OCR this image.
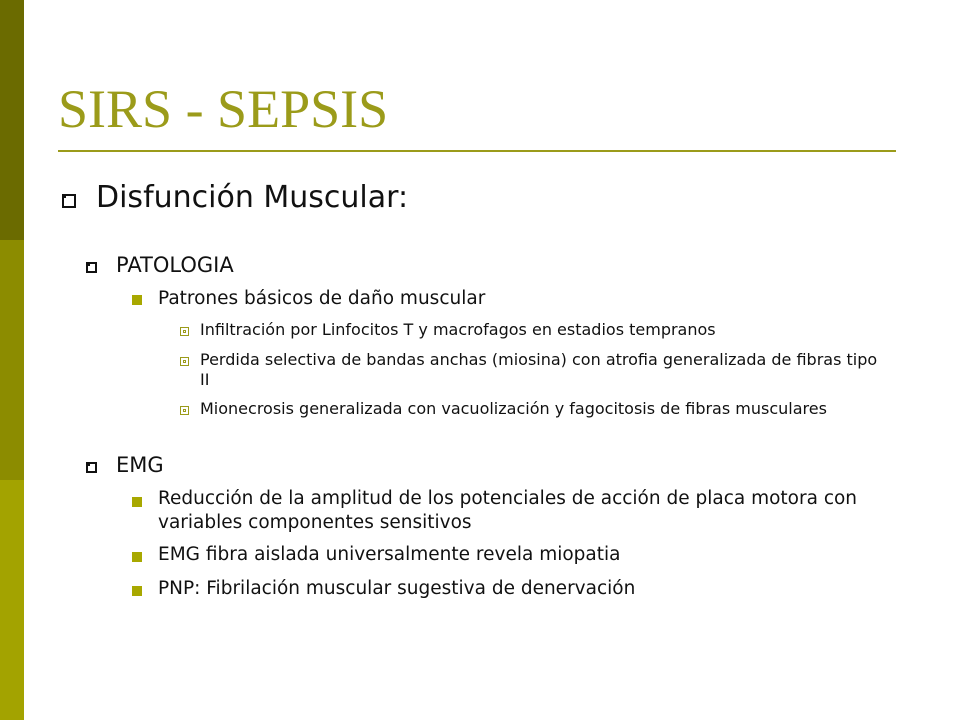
SIRS - SEPSIS
Disfunción Muscular:
PATOLOGIA
Patrones básicos de daño muscular
Infiltración por Linfocitos T y macrofagos en estadios tempranos
Perdida selectiva de bandas anchas (miosina) con atrofia generalizada de fibras tipo II
Mionecrosis generalizada con vacuolización y fagocitosis de fibras musculares
EMG
Reducción de la amplitud de los potenciales de acción de placa motora con variables componentes sensitivos
EMG fibra aislada universalmente revela miopatia
PNP: Fibrilación muscular sugestiva de denervación
